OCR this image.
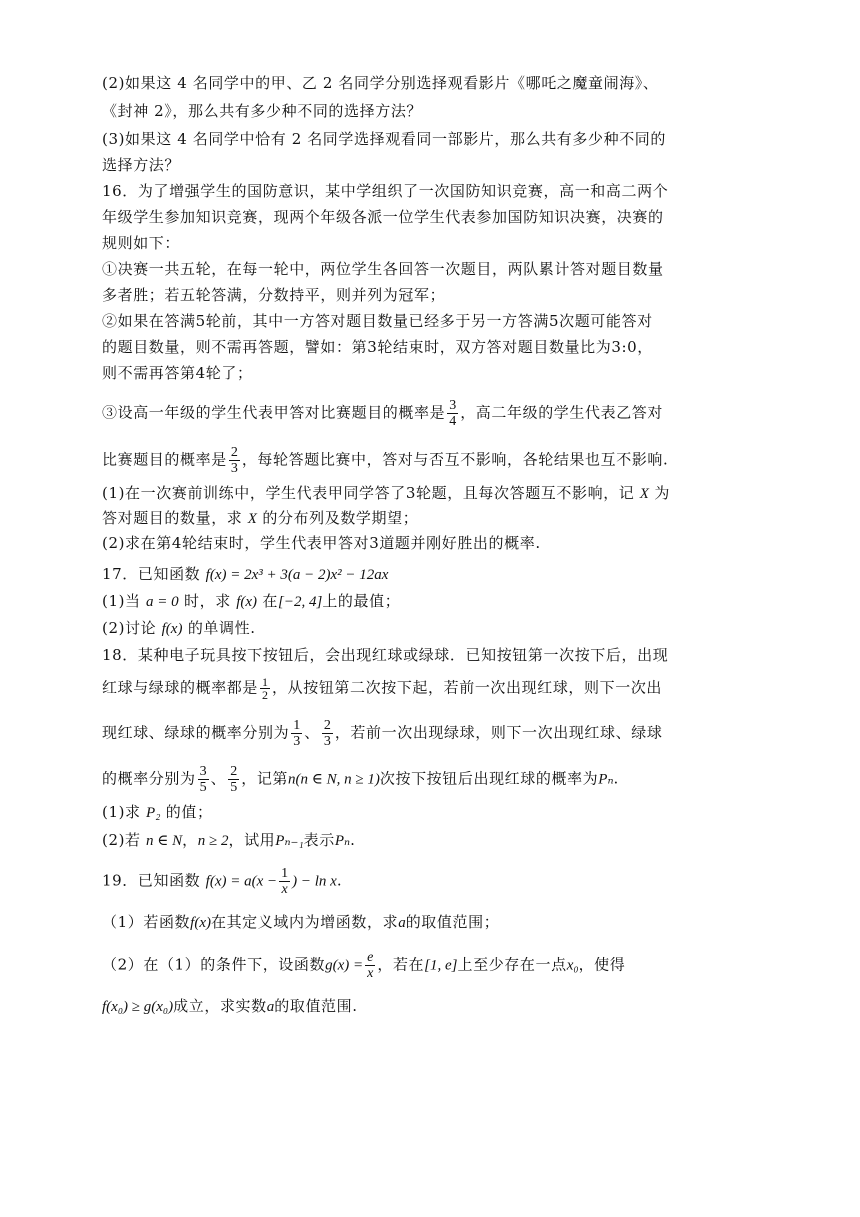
(2)如果这 4 名同学中的甲、乙 2 名同学分别选择观看影片《哪吒之魔童闹海》、
《封神 2》，那么共有多少种不同的选择方法？
(3)如果这 4 名同学中恰有 2 名同学选择观看同一部影片，那么共有多少种不同的
选择方法？
16．为了增强学生的国防意识，某中学组织了一次国防知识竞赛，高一和高二两个
年级学生参加知识竞赛，现两个年级各派一位学生代表参加国防知识决赛，决赛的
规则如下：
①决赛一共五轮，在每一轮中，两位学生各回答一次题目，两队累计答对题目数量
多者胜；若五轮答满，分数持平，则并列为冠军；
②如果在答满5轮前，其中一方答对题目数量已经多于另一方答满5次题可能答对
的题目数量，则不需再答题，譬如：第3轮结束时，双方答对题目数量比为3:0，
则不需再答第4轮了；
③设高一年级的学生代表甲答对比赛题目的概率是 $\frac{3}{4}$ ，高二年级的学生代表乙答对
比赛题目的概率是 $\frac{2}{3}$ ，每轮答题比赛中，答对与否互不影响，各轮结果也互不影响.
(1)在一次赛前训练中，学生代表甲同学答了3轮题，且每次答题互不影响，记 X 为
答对题目的数量，求 X 的分布列及数学期望；
(2)求在第4轮结束时，学生代表甲答对3道题并刚好胜出的概率.
17．已知函数 f(x) = 2x³ + 3(a − 2)x² − 12ax
(1)当 a = 0 时，求 f(x) 在[−2, 4]上的最值；
(2)讨论 f(x) 的单调性.
18．某种电子玩具按下按钮后，会出现红球或绿球．已知按钮第一次按下后，出现
红球与绿球的概率都是 $\frac{1}{2}$ ，从按钮第二次按下起，若前一次出现红球，则下一次出
现红球、绿球的概率分别为 $\frac{1}{3}$ 、 $\frac{2}{3}$ ，若前一次出现绿球，则下一次出现红球、绿球
的概率分别为 $\frac{3}{5}$ 、 $\frac{2}{5}$ ，记第n(n ∈ N, n ≥ 1)次按下按钮后出现红球的概率为Pₙ.
(1)求 P₂ 的值；
(2)若 n ∈ N，n ≥ 2，试用Pₙ₋₁表示Pₙ.
19．已知函数 $f(x) = a(x - \frac{1}{x}$ ) − ln x.
（1）若函数f(x)在其定义域内为增函数，求a的取值范围；
（2）在（1）的条件下，设函数$g(x) = \frac{e}{x}$ ，若在[1, e]上至少存在一点x₀，使得
f(x₀) ≥ g(x₀)成立，求实数a的取值范围.
